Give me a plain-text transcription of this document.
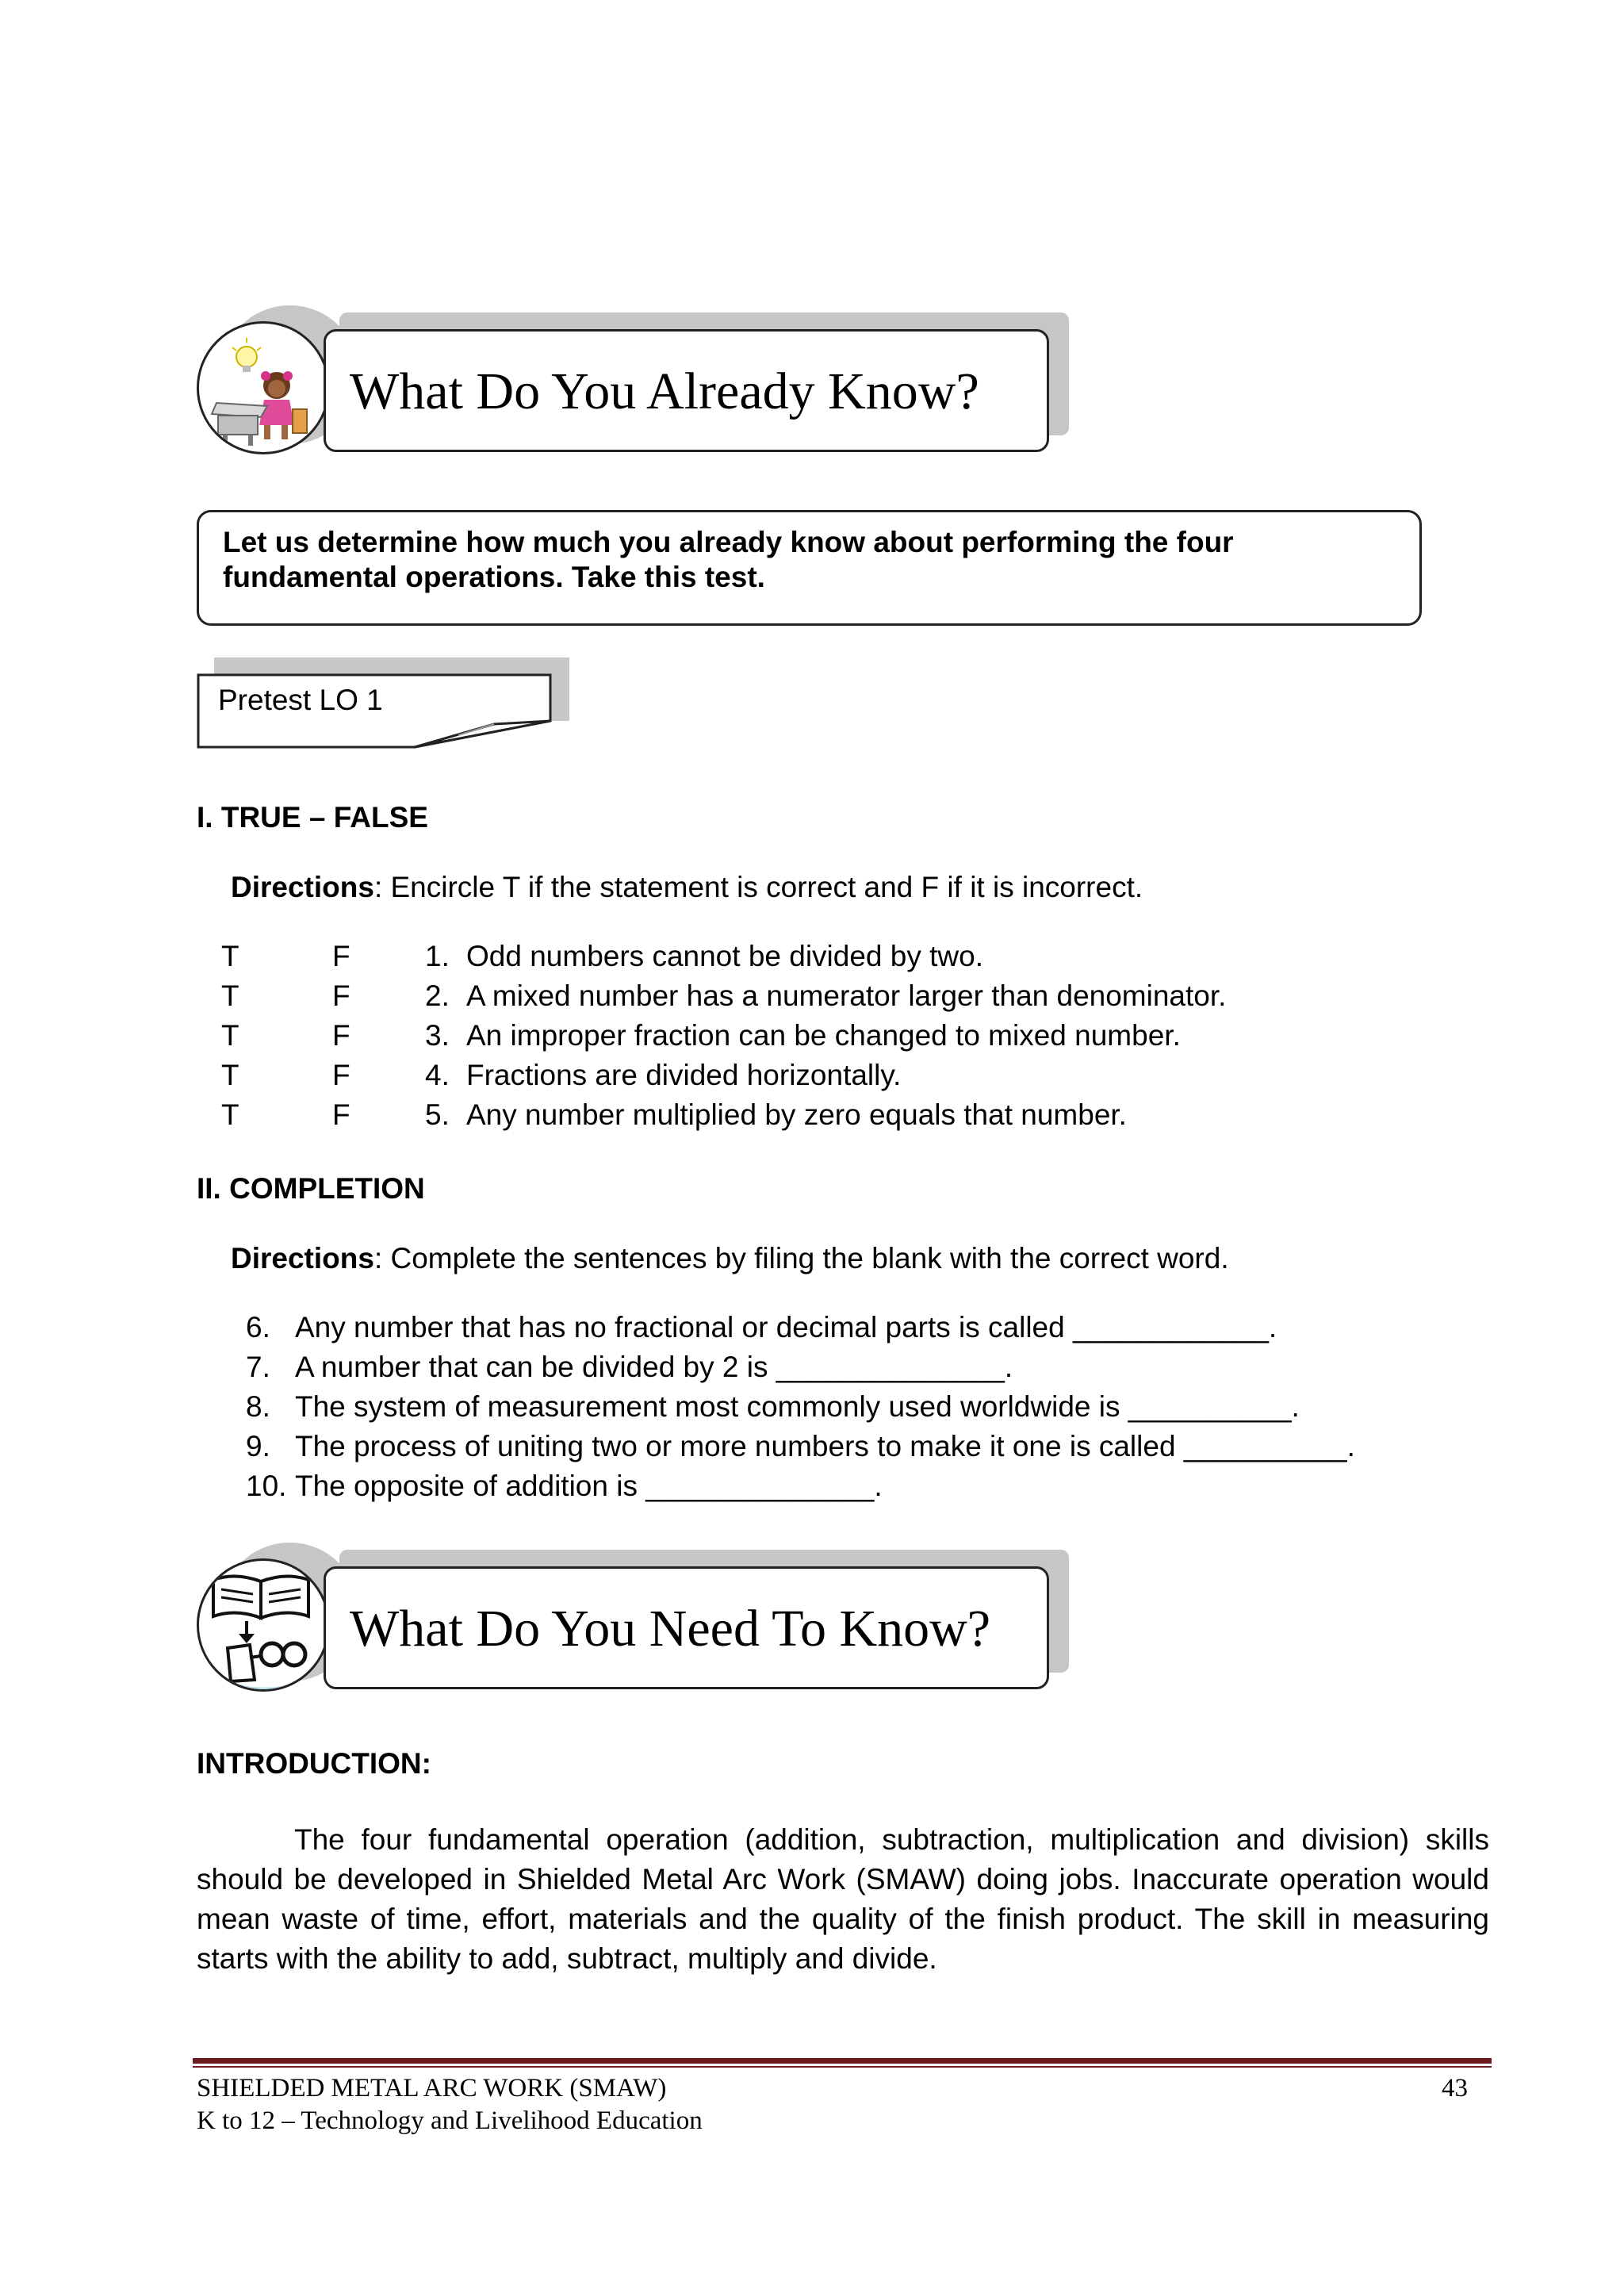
What Do You Already Know?
Let us determine how much you already know about performing the four
fundamental operations. Take this test.
Pretest LO 1
I. TRUE – FALSE
Directions: Encircle T if the statement is correct and F if it is incorrect.
T	F	1. Odd numbers cannot be divided by two.
T	F	2. A mixed number has a numerator larger than denominator.
T	F	3. An improper fraction can be changed to mixed number.
T	F	4. Fractions are divided horizontally.
T	F	5. Any number multiplied by zero equals that number.
II. COMPLETION
Directions: Complete the sentences by filing the blank with the correct word.
6. Any number that has no fractional or decimal parts is called ____________.
7. A number that can be divided by 2 is ______________.
8. The system of measurement most commonly used worldwide is __________.
9. The process of uniting two or more numbers to make it one is called __________.
10. The opposite of addition is ______________.
What Do You Need To Know?
INTRODUCTION:
The four fundamental operation (addition, subtraction, multiplication and division) skills should be developed in Shielded Metal Arc Work (SMAW) doing jobs. Inaccurate operation would mean waste of time, effort, materials and the quality of the finish product. The skill in measuring starts with the ability to add, subtract, multiply and divide.
SHIELDED METAL ARC WORK (SMAW)
K to 12 – Technology and Livelihood Education
43
